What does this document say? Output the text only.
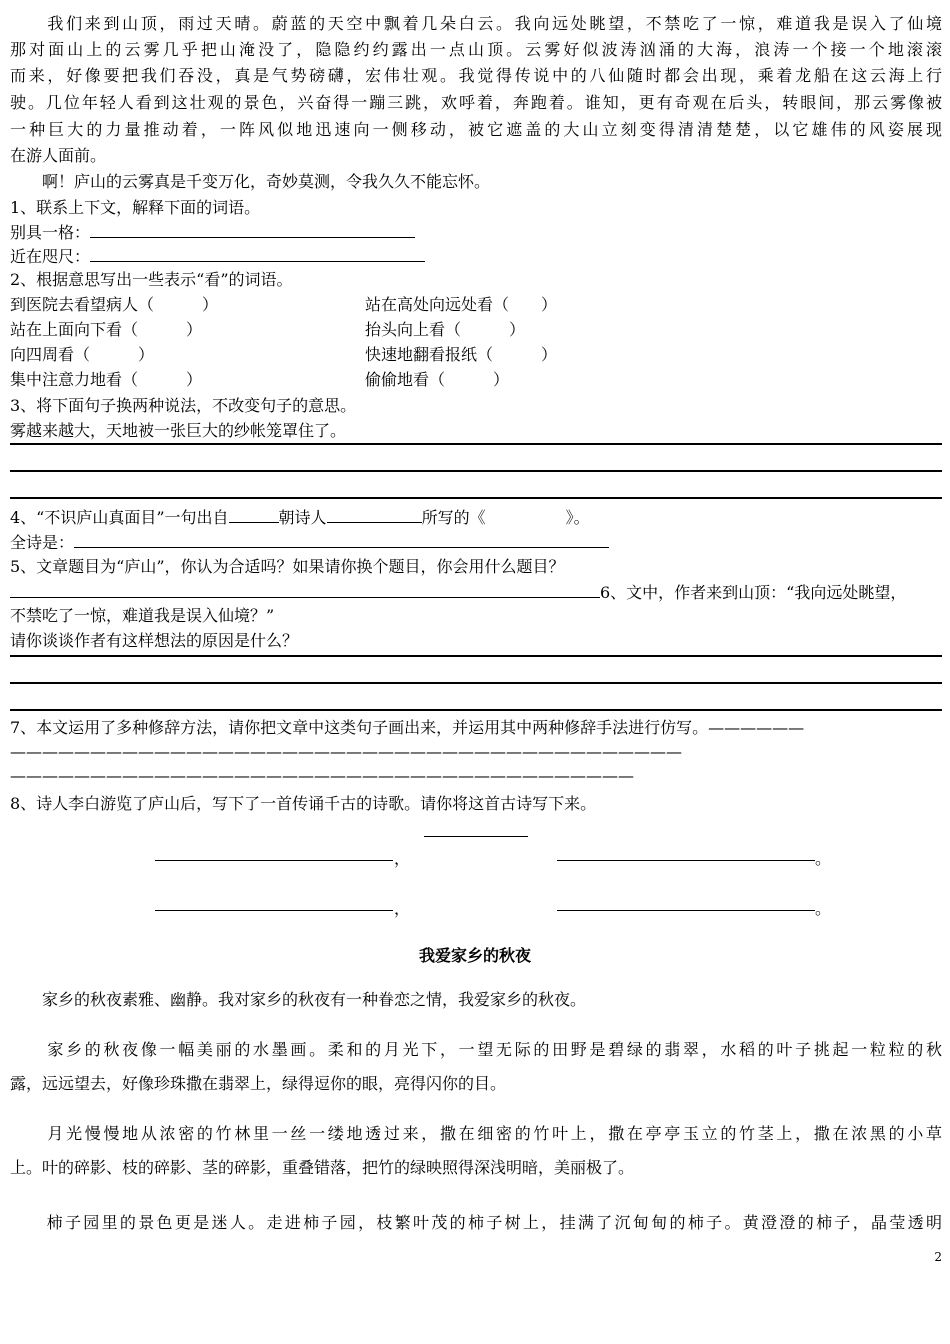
　　我们来到山顶，雨过天晴。蔚蓝的天空中飘着几朵白云。我向远处眺望，不禁吃了一惊，难道我是误入了仙境
那对面山上的云雾几乎把山淹没了，隐隐约约露出一点山顶。云雾好似波涛汹涌的大海，浪涛一个接一个地滚滚
而来，好像要把我们吞没，真是气势磅礴，宏伟壮观。我觉得传说中的八仙随时都会出现，乘着龙船在这云海上行
驶。几位年轻人看到这壮观的景色，兴奋得一蹦三跳，欢呼着，奔跑着。谁知，更有奇观在后头，转眼间，那云雾像被
一种巨大的力量推动着，一阵风似地迅速向一侧移动，被它遮盖的大山立刻变得清清楚楚，以它雄伟的风姿展现
在游人面前。
　　啊！庐山的云雾真是千变万化，奇妙莫测，令我久久不能忘怀。
1、联系上下文，解释下面的词语。
别具一格：
近在咫尺：
2、根据意思写出一些表示“看”的词语。
到医院去看望病人（　　　）	站在高处向远处看（　　）
站在上面向下看（　　　）	抬头向上看（　　　）
向四周看（　　　）	快速地翻看报纸（　　　）
集中注意力地看（　　　）	偷偷地看（　　　）
3、将下面句子换两种说法，不改变句子的意思。
雾越来越大，天地被一张巨大的纱帐笼罩住了。
4、“不识庐山真面目”一句出自	朝诗人	所写的《	》。
全诗是：
5、文章题目为“庐山”，你认为合适吗？如果请你换个题目，你会用什么题目？
6、文中，作者来到山顶：“我向远处眺望，
不禁吃了一惊，难道我是误入仙境？”
请你谈谈作者有这样想法的原因是什么？
7、本文运用了多种修辞方法，请你把文章中这类句子画出来，并运用其中两种修辞手法进行仿写。——————
——————————————————————————————————————————
———————————————————————————————————————
8、诗人李白游览了庐山后，写下了一首传诵千古的诗歌。请你将这首古诗写下来。
，	。
，	。
我爱家乡的秋夜
　　家乡的秋夜素雅、幽静。我对家乡的秋夜有一种眷恋之情，我爱家乡的秋夜。
　　家乡的秋夜像一幅美丽的水墨画。柔和的月光下，一望无际的田野是碧绿的翡翠，水稻的叶子挑起一粒粒的秋
露，远远望去，好像珍珠撒在翡翠上，绿得逗你的眼，亮得闪你的目。
　　月光慢慢地从浓密的竹林里一丝一缕地透过来，撒在细密的竹叶上，撒在亭亭玉立的竹茎上，撒在浓黑的小草
上。叶的碎影、枝的碎影、茎的碎影，重叠错落，把竹的绿映照得深浅明暗，美丽极了。
　　柿子园里的景色更是迷人。走进柿子园，枝繁叶茂的柿子树上，挂满了沉甸甸的柿子。黄澄澄的柿子，晶莹透明
2
